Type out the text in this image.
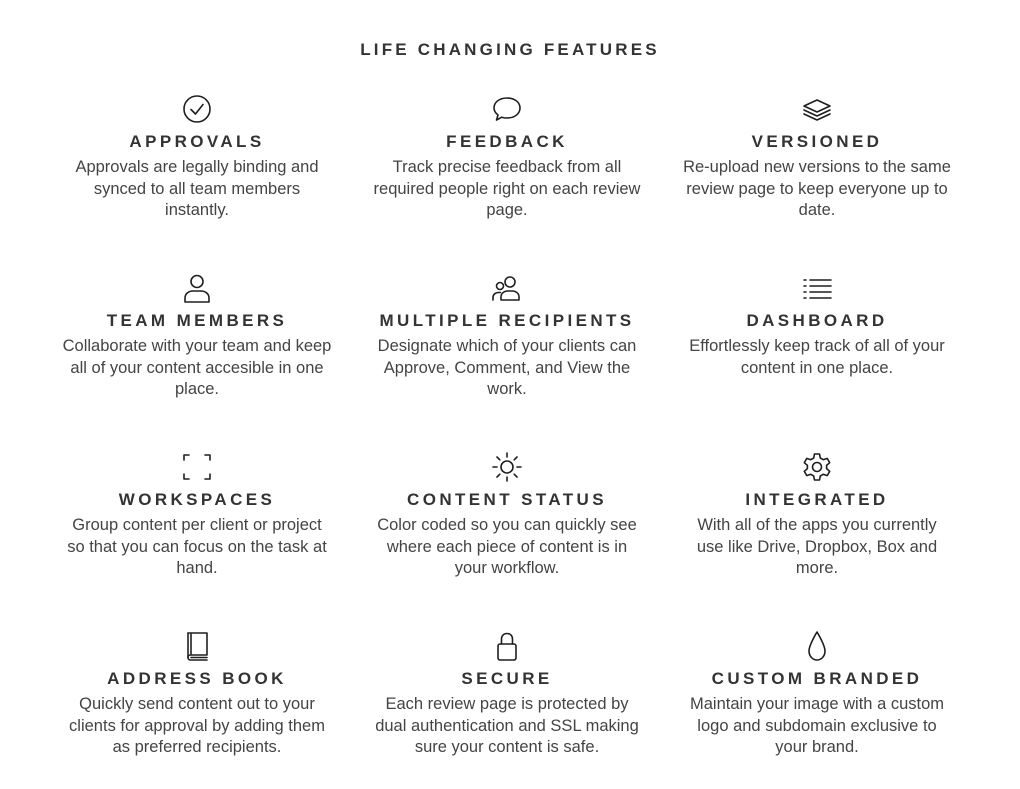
LIFE CHANGING FEATURES
APPROVALS
Approvals are legally binding and synced to all team members instantly.
FEEDBACK
Track precise feedback from all required people right on each review page.
VERSIONED
Re-upload new versions to the same review page to keep everyone up to date.
TEAM MEMBERS
Collaborate with your team and keep all of your content accesible in one place.
MULTIPLE RECIPIENTS
Designate which of your clients can Approve, Comment, and View the work.
DASHBOARD
Effortlessly keep track of all of your content in one place.
WORKSPACES
Group content per client or project so that you can focus on the task at hand.
CONTENT STATUS
Color coded so you can quickly see where each piece of content is in your workflow.
INTEGRATED
With all of the apps you currently use like Drive, Dropbox, Box and more.
ADDRESS BOOK
Quickly send content out to your clients for approval by adding them as preferred recipients.
SECURE
Each review page is protected by dual authentication and SSL making sure your content is safe.
CUSTOM BRANDED
Maintain your image with a custom logo and subdomain exclusive to your brand.
